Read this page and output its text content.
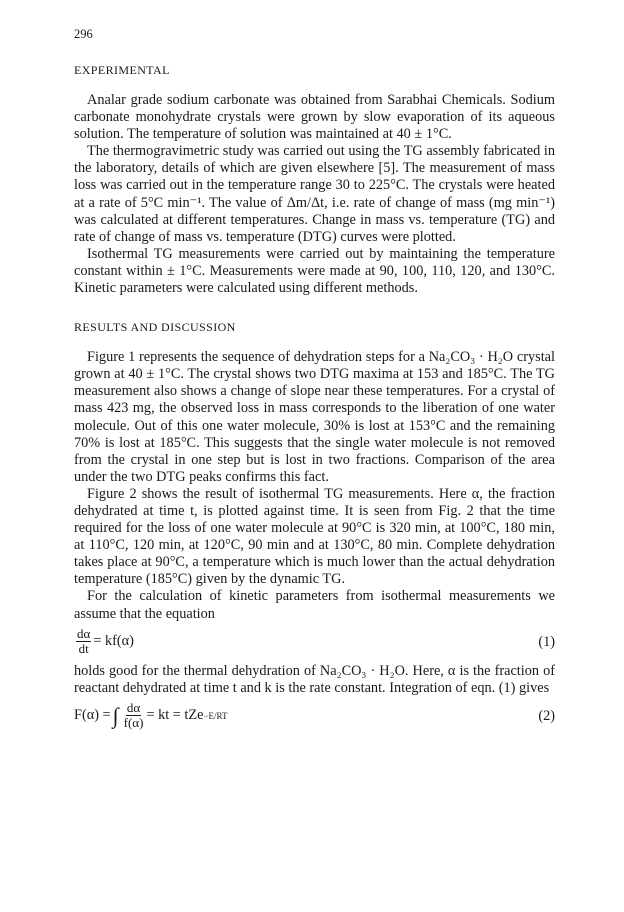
296
EXPERIMENTAL

Analar grade sodium carbonate was obtained from Sarabhai Chemicals. Sodium carbonate monohydrate crystals were grown by slow evaporation of its aqueous solution. The temperature of solution was maintained at 40 ± 1°C.

The thermogravimetric study was carried out using the TG assembly fabricated in the laboratory, details of which are given elsewhere [5]. The measurement of mass loss was carried out in the temperature range 30 to 225°C. The crystals were heated at a rate of 5°C min⁻¹. The value of Δm/Δt, i.e. rate of change of mass (mg min⁻¹) was calculated at different temperatures. Change in mass vs. temperature (TG) and rate of change of mass vs. temperature (DTG) curves were plotted.

Isothermal TG measurements were carried out by maintaining the temperature constant within ± 1°C. Measurements were made at 90, 100, 110, 120, and 130°C. Kinetic parameters were calculated using different methods.

RESULTS AND DISCUSSION

Figure 1 represents the sequence of dehydration steps for a Na₂CO₃ · H₂O crystal grown at 40 ± 1°C. The crystal shows two DTG maxima at 153 and 185°C. The TG measurement also shows a change of slope near these temperatures. For a crystal of mass 423 mg, the observed loss in mass corresponds to the liberation of one water molecule. Out of this one water molecule, 30% is lost at 153°C and the remaining 70% is lost at 185°C. This suggests that the single water molecule is not removed from the crystal in one step but is lost in two fractions. Comparison of the area under the two DTG peaks confirms this fact.

Figure 2 shows the result of isothermal TG measurements. Here α, the fraction dehydrated at time t, is plotted against time. It is seen from Fig. 2 that the time required for the loss of one water molecule at 90°C is 320 min, at 100°C, 180 min, at 110°C, 120 min, at 120°C, 90 min and at 130°C, 80 min. Complete dehydration takes place at 90°C, a temperature which is much lower than the actual dehydration temperature (185°C) given by the dynamic TG.

For the calculation of kinetic parameters from isothermal measurements we assume that the equation

$\frac{d\alpha}{dt} = kf(\alpha)$	(1)

holds good for the thermal dehydration of Na₂CO₃ · H₂O. Here, α is the fraction of reactant dehydrated at time t and k is the rate constant. Integration of eqn. (1) gives

F(α) = ∫ $\frac{d\alpha}{f(\alpha)}$ = kt = tZe −E/RT	(2)
